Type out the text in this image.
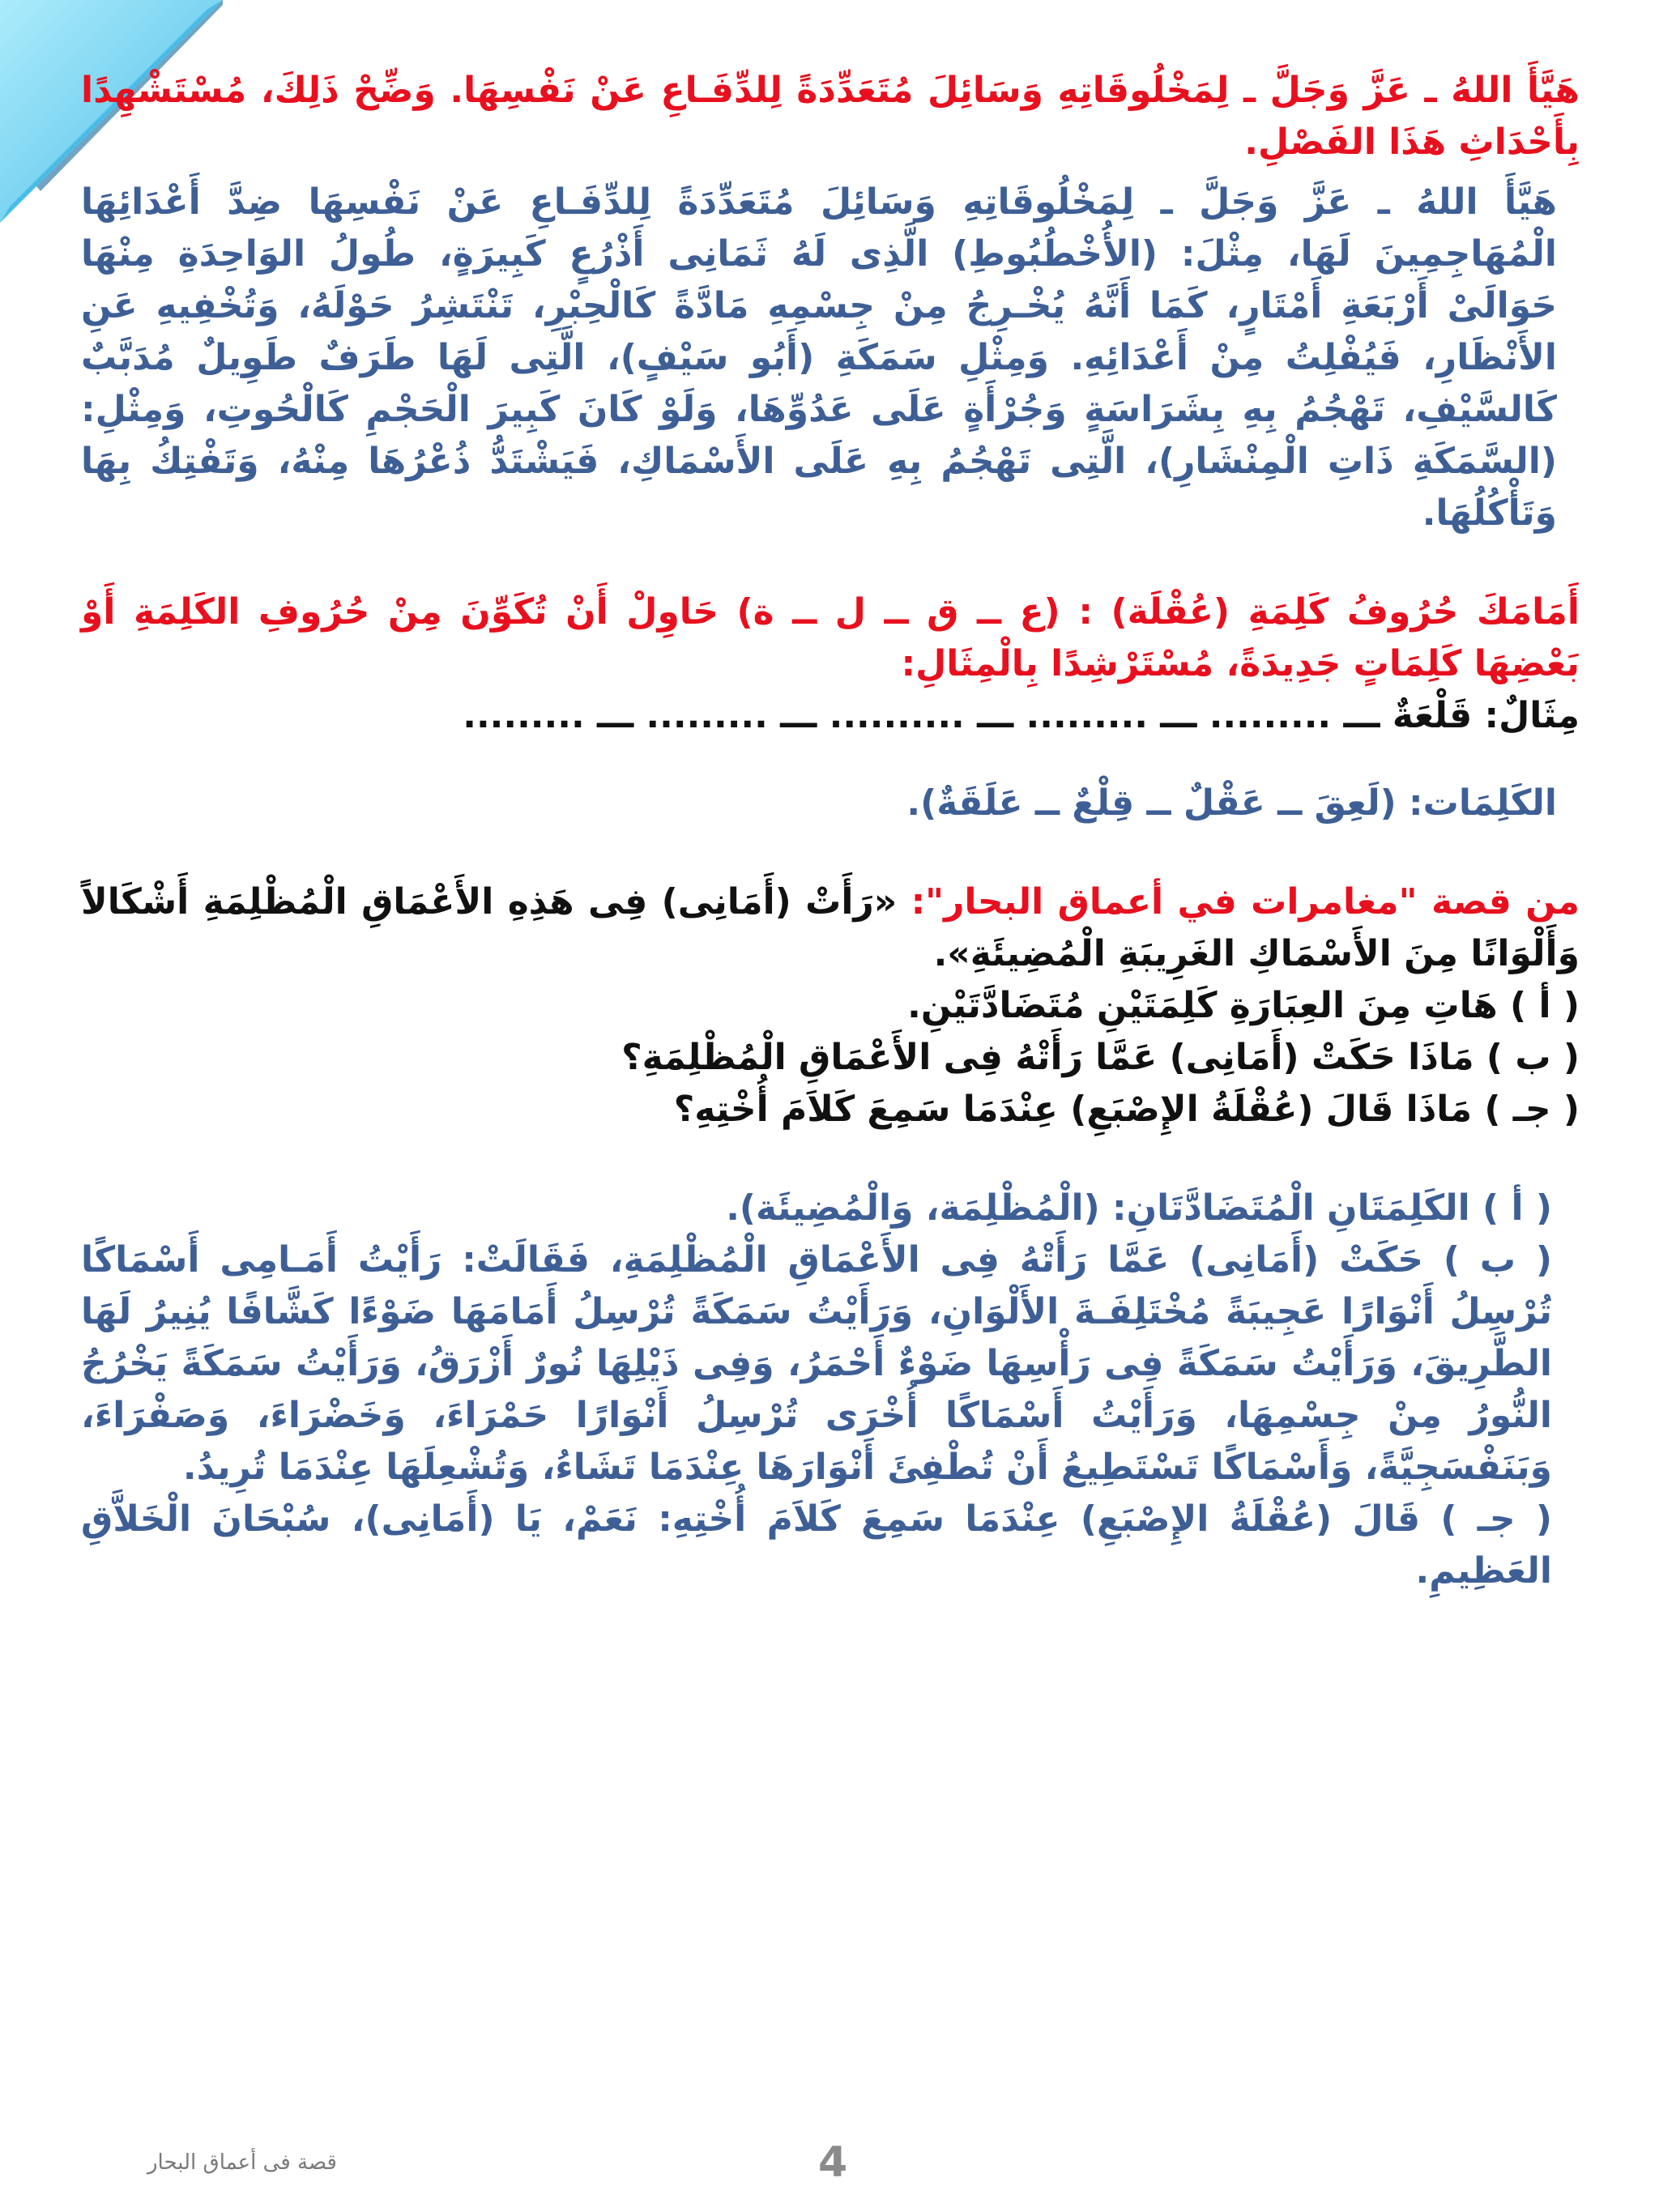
هَيَّأَ اللهُ ـ عَزَّ وَجَلَّ ـ لِمَخْلُوقَاتِهِ وَسَائِلَ مُتَعَدِّدَةً لِلدِّفَـاعِ عَنْ نَفْسِهَا. وَضِّحْ ذَلِكَ، مُسْتَشْهِدًا بِأَحْدَاثِ هَذَا الفَصْلِ.

هَيَّأَ اللهُ ـ عَزَّ وَجَلَّ ـ لِمَخْلُوقَاتِهِ وَسَائِلَ مُتَعَدِّدَةً لِلدِّفَـاعِ عَنْ نَفْسِهَا ضِدَّ أَعْدَائِهَا الْمُهَاجِمِينَ لَهَا، مِثْلَ: (الأُخْطُبُوطِ) الَّذِى لَهُ ثَمَانِى أَذْرُعٍ كَبِيرَةٍ، طُولُ الوَاحِدَةِ مِنْهَا حَوَالَىْ أَرْبَعَةِ أَمْتَارٍ، كَمَا أَنَّهُ يُخْـرِجُ مِنْ جِسْمِهِ مَادَّةً كَالْحِبْرِ، تَنْتَشِرُ حَوْلَهُ، وَتُخْفِيهِ عَنِ الأَنْظَارِ، فَيُفْلِتُ مِنْ أَعْدَائِهِ. وَمِثْلِ سَمَكَةِ (أَبُو سَيْفٍ)، الَّتِى لَهَا طَرَفٌ طَوِيلٌ مُدَبَّبٌ كَالسَّيْفِ، تَهْجُمُ بِهِ بِشَرَاسَةٍ وَجُرْأَةٍ عَلَى عَدُوِّهَا، وَلَوْ كَانَ كَبِيرَ الْحَجْمِ كَالْحُوتِ، وَمِثْلِ: (السَّمَكَةِ ذَاتِ الْمِنْشَارِ)، الَّتِى تَهْجُمُ بِهِ عَلَى الأَسْمَاكِ، فَيَشْتَدُّ ذُعْرُهَا مِنْهُ، وَتَفْتِكُ بِهَا وَتَأْكُلُهَا.

أَمَامَكَ حُرُوفُ كَلِمَةِ (عُقْلَة) : (ع ــ ق ــ ل ــ ة) حَاوِلْ أَنْ تُكَوِّنَ مِنْ حُرُوفِ الكَلِمَةِ أَوْ بَعْضِهَا كَلِمَاتٍ جَدِيدَةً، مُسْتَرْشِدًا بِالْمِثَالِ:

مِثَالٌ: قَلْعَةٌ ـــ ......... ـــ ......... ـــ .......... ـــ ......... ـــ .........

الكَلِمَات: (لَعِقَ ــ عَقْلٌ ــ قِلْعٌ ــ عَلَقَةٌ).

من قصة "مغامرات في أعماق البحار": «رَأَتْ (أَمَانِى) فِى هَذِهِ الأَعْمَاقِ الْمُظْلِمَةِ أَشْكَالاً وَأَلْوَانًا مِنَ الأَسْمَاكِ الغَرِيبَةِ الْمُضِيئَةِ».

( أ ) هَاتِ مِنَ العِبَارَةِ كَلِمَتَيْنِ مُتَضَادَّتَيْنِ.

( ب ) مَاذَا حَكَتْ (أَمَانِى) عَمَّا رَأَتْهُ فِى الأَعْمَاقِ الْمُظْلِمَةِ؟

( جـ ) مَاذَا قَالَ (عُقْلَةُ الإِصْبَعِ) عِنْدَمَا سَمِعَ كَلاَمَ أُخْتِهِ؟

( أ ) الكَلِمَتَانِ الْمُتَضَادَّتَانِ: (الْمُظْلِمَة، وَالْمُضِيئَة).

( ب ) حَكَتْ (أَمَانِى) عَمَّا رَأَتْهُ فِى الأَعْمَاقِ الْمُظْلِمَةِ، فَقَالَتْ: رَأَيْتُ أَمَـامِى أَسْمَاكًا تُرْسِلُ أَنْوَارًا عَجِيبَةً مُخْتَلِفَـةَ الأَلْوَانِ، وَرَأَيْتُ سَمَكَةً تُرْسِلُ أَمَامَهَا ضَوْءًا كَشَّافًا يُنِيرُ لَهَا الطَّرِيقَ، وَرَأَيْتُ سَمَكَةً فِى رَأْسِهَا ضَوْءٌ أَحْمَرُ، وَفِى ذَيْلِهَا نُورٌ أَزْرَقُ، وَرَأَيْتُ سَمَكَةً يَخْرُجُ النُّورُ مِنْ جِسْمِهَا، وَرَأَيْتُ أَسْمَاكًا أُخْرَى تُرْسِلُ أَنْوَارًا حَمْرَاءَ، وَخَضْرَاءَ، وَصَفْرَاءَ، وَبَنَفْسَجِيَّةً، وَأَسْمَاكًا تَسْتَطِيعُ أَنْ تُطْفِئَ أَنْوَارَهَا عِنْدَمَا تَشَاءُ، وَتُشْعِلَهَا عِنْدَمَا تُرِيدُ.

( جـ ) قَالَ (عُقْلَةُ الإِصْبَعِ) عِنْدَمَا سَمِعَ كَلاَمَ أُخْتِهِ: نَعَمْ، يَا (أَمَانِى)، سُبْحَانَ الْخَلاَّقِ العَظِيمِ.

قصة فى أعماق البحار	4
